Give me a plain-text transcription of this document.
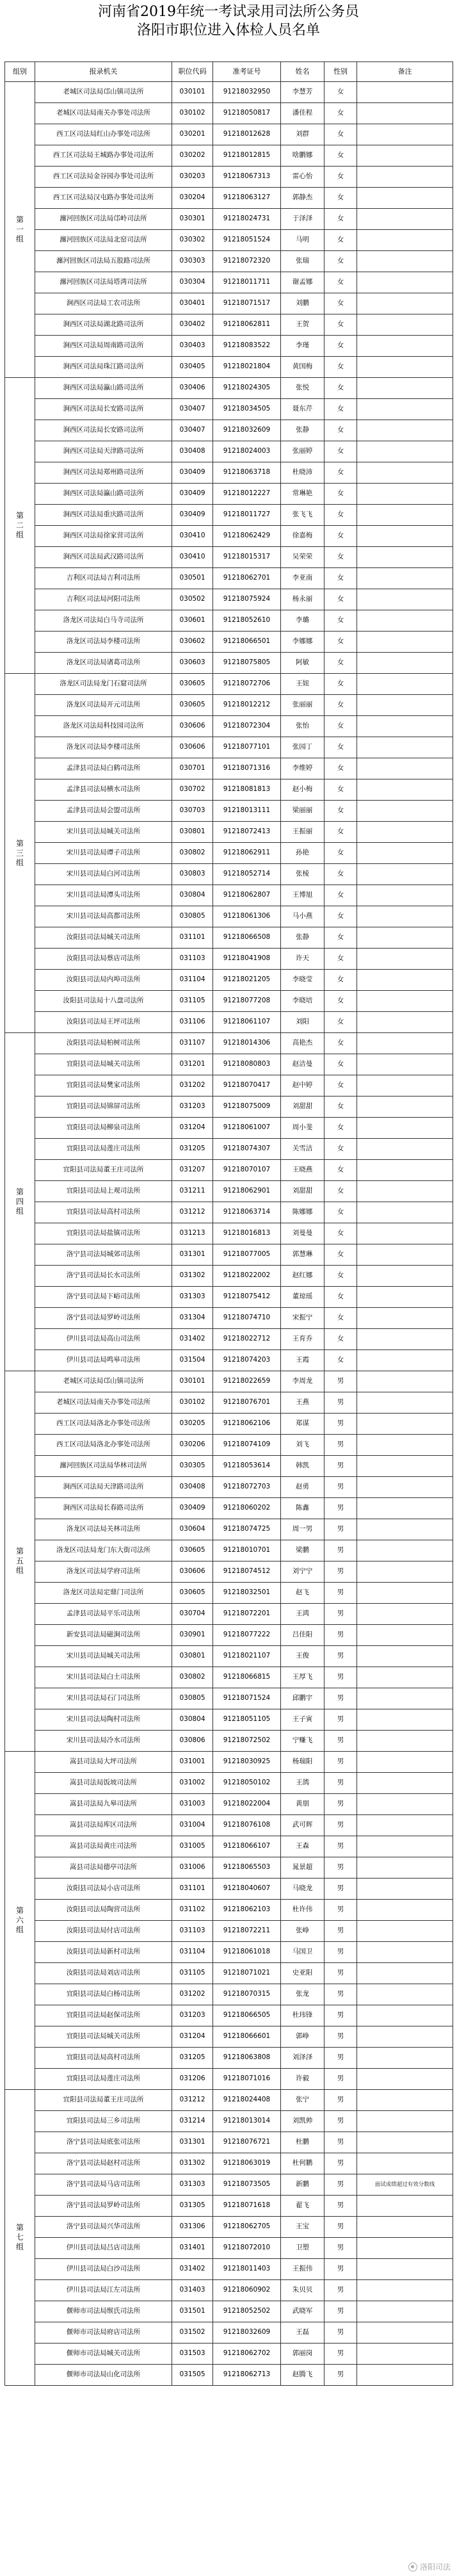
河南省2019年统一考试录用司法所公务员
洛阳市职位进入体检人员名单
组别	报录机关	职位代码	准考证号	姓名	性别	备注
第一组	老城区司法局邙山镇司法所	030101	91218032950	李慧芳	女	
	老城区司法局南关办事处司法所	030102	91218050817	潘佳程	女	
	西工区司法局红山办事处司法所	030201	91218012628	刘群	女	
	西工区司法局王城路办事处司法所	030202	91218012815	啥鹏娜	女	
	西工区司法局金谷园办事处司法所	030203	91218067313	雷心怡	女	
	西工区司法局汉屯路办事处司法所	030204	91218063127	郭静杰	女	
	瀍河回族区司法局邙岭司法所	030301	91218024731	于泽泽	女	
	瀍河回族区司法局北窑司法所	030302	91218051524	马明	女	
	瀍河回族区司法局五股路司法所	030303	91218072320	张瑞	女	
	瀍河回族区司法局塔湾司法所	030304	91218011711	谢孟娜	女	
	涧西区司法局工农司法所	030401	91218071517	刘鹏	女	
	涧西区司法局湖北路司法所	030402	91218062811	王贺	女	
	涧西区司法局周南路司法所	030403	91218083522	李瑾	女	
	涧西区司法局珠江路司法所	030405	91218021804	黄国梅	女	
第二组	涧西区司法局瀛山路司法所	030406	91218024305	张悦	女	
	涧西区司法局长安路司法所	030407	91218034505	聂东芹	女	
	涧西区司法局长安路司法所	030407	91218032609	张静	女	
	涧西区司法局天津路司法所	030408	91218024003	张丽婷	女	
	涧西区司法局郑州路司法所	030409	91218063718	杜晓沛	女	
	涧西区司法局瀛山路司法所	030409	91218012227	常琳艳	女	
	涧西区司法局重庆路司法所	030409	91218011727	张飞飞	女	
	涧西区司法局徐家营司法所	030410	91218062429	徐嘉梅	女	
	涧西区司法局武汉路司法所	030410	91218015317	吴荣荣	女	
	吉利区司法局吉利司法所	030501	91218062701	李亚南	女	
	吉利区司法局河阳司法所	030502	91218075924	杨永丽	女	
	洛龙区司法局白马寺司法所	030601	91218052610	李璐	女	
	洛龙区司法局李楼司法所	030602	91218066501	李娜娜	女	
	洛龙区司法局诸葛司法所	030603	91218075805	阿敏	女	
第三组	洛龙区司法局龙门石窟司法所	030605	91218072706	王妞	女	
	洛龙区司法局开元司法所	030605	91218012212	张丽丽	女	
	洛龙区司法局科技园司法所	030606	91218072304	张怡	女	
	洛龙区司法局李楼司法所	030606	91218077101	张园丁	女	
	孟津县司法局白鹤司法所	030701	91218071316	李维婷	女	
	孟津县司法局横水司法所	030702	91218081813	赵小梅	女	
	孟津县司法局会盟司法所	030703	91218013111	梁丽丽	女	
	宋川县司法局城关司法所	030801	91218072413	王振丽	女	
	宋川县司法局谭子司法所	030802	91218062911	孙艳	女	
	宋川县司法局白河司法所	030803	91218052714	张棱	女	
	宋川县司法局潭头司法所	030804	91218062807	王博旭	女	
	宋川县司法局高都司法所	030805	91218061306	马小燕	女	
	汝阳县司法局城关司法所	031101	91218066508	张静	女	
	汝阳县司法局蔡店司法所	031103	91218041908	许天	女	
	汝阳县司法局内埠司法所	031104	91218021205	李晓莹	女	
	汝阳县司法局十八盘司法所	031105	91218077208	李晓培	女	
	汝阳县司法局王坪司法所	031106	91218061107	刘阳	女	
第四组	汝阳县司法局柏树司法所	031107	91218014306	高艳杰	女	
	宜阳县司法局城关司法所	031201	91218080803	赵洁曼	女	
	宜阳县司法局樊家司法所	031202	91218070417	赵中婷	女	
	宜阳县司法局锦屏司法所	031203	91218075009	刘甜甜	女	
	宜阳县司法局柳泉司法所	031204	91218061007	周小斐	女	
	宜阳县司法局莲庄司法所	031205	91218074307	关雪洁	女	
	宜阳县司法局董王庄司法所	031207	91218070107	王晓燕	女	
	宜阳县司法局上观司法所	031211	91218062901	刘甜甜	女	
	宜阳县司法局高村司法所	031212	91218063714	陈娜娜	女	
	宜阳县司法局盐镇司法所	031213	91218016813	刘曼曼	女	
	洛宁县司法局城郊司法所	031301	91218077005	郭慧琳	女	
	洛宁县司法局长水司法所	031302	91218022002	赵红娜	女	
	洛宁县司法局下峪司法所	031303	91218075412	董琼瑶	女	
	洛宁县司法局罗岭司法所	031304	91218074710	宋振宁	女	
	伊川县司法局高山司法所	031402	91218022712	王育乔	女	
	伊川县司法局鸣皋司法所	031504	91218074203	王霞	女	
第五组	老城区司法局邙山镇司法所	030101	91218022659	李周龙	男	
	老城区司法局南关办事处司法所	030102	91218076701	王燕	男	
	西工区司法局洛北办事处司法所	030205	91218062106	郑谋	男	
	西工区司法局洛北办事处司法所	030206	91218074109	刘飞	男	
	瀍河回族区司法局华林司法所	030305	91218053614	韩凯	男	
	涧西区司法局天津路司法所	030408	91218072703	赵勇	男	
	涧西区司法局长春路司法所	030409	91218060202	陈鑫	男	
	洛龙区司法局关林司法所	030604	91218074725	周一男	男	
	洛龙区司法局龙门东大街司法所	030605	91218010701	梁鹏	男	
	洛龙区司法局学府司法所	030606	91218074512	刘宁宁	男	
	洛龙区司法局定鼎门司法所	030605	91218032501	赵飞	男	
	孟津县司法局平乐司法所	030704	91218072201	王鸿	男	
	新安县司法局磁涧司法所	030901	91218077222	吕佳阳	男	
	宋川县司法局城关司法所	030801	91218021107	王俊	男	
	宋川县司法局白土司法所	030802	91218066815	王厚飞	男	
	宋川县司法局石门司法所	030805	91218071524	邱鹏宇	男	
	宋川县司法局陶村司法所	030804	91218051105	王子寅	男	
	宋川县司法局冷水司法所	030806	91218072502	宁赚飞	男	
第六组	嵩县司法局大坪司法所	031001	91218030925	杨瑞阳	男	
	嵩县司法局饭坡司法所	031002	91218050102	王鸽	男	
	嵩县司法局九皋司法所	031003	91218022004	黄朋	男	
	嵩县司法局库区司法所	031004	91218076108	武可辉	男	
	嵩县司法局黄庄司法所	031005	91218066107	王森	男	
	嵩县司法局德亭司法所	031006	91218065503	晁景超	男	
	汝阳县司法局小店司法所	031101	91218040607	马晓龙	男	
	汝阳县司法局陶营司法所	031102	91218062103	杜许伟	男	
	汝阳县司法局付店司法所	031103	91218072211	张峥	男	
	汝阳县司法局新村司法所	031104	91218061018	马国卫	男	
	汝阳县司法局刘店司法所	031105	91218071021	史亚阳	男	
	宜阳县司法局白杨司法所	031202	91218070315	张龙	男	
	宜阳县司法局赵保司法所	031203	91218066505	杜玮锋	男	
	宜阳县司法局城关司法所	031204	91218066601	郭峥	男	
	宜阳县司法局高村司法所	031205	91218063808	刘泽泽	男	
	宜阳县司法局莲庄司法所	031206	91218071016	许毅	男	
第七组	宜阳县司法局董王庄司法所	031212	91218024408	张宁	男	
	宜阳县司法局三乡司法所	031214	91218013014	刘凯帅	男	
	洛宁县司法局底张司法所	031301	91218076721	杜鹏	男	
	洛宁县司法局赵村司法所	031302	91218063019	杜何鹏	男	
	洛宁县司法局马店司法所	031303	91218073505	新鹏	男	面试成绩超过有效分数线
	洛宁县司法局罗岭司法所	031305	91218071618	翟飞	男	
	洛宁县司法局兴华司法所	031306	91218062705	王宝	男	
	伊川县司法局吕店司法所	031401	91218072010	卫塑	男	
	伊川县司法局白沙司法所	031402	91218011403	王振伟	男	
	伊川县司法局江左司法所	031403	91218060902	朱贝贝	男	
	偃师市司法局缑氏司法所	031501	91218052502	武晓军	男	
	偃师市司法局府店司法所	031502	91218032609	王磊	男	
	偃师市司法局城关司法所	031503	91218062702	郭丽岗	男	
	偃师市司法局山化司法所	031505	91218062713	赵腾飞	男	
洛阳司法
